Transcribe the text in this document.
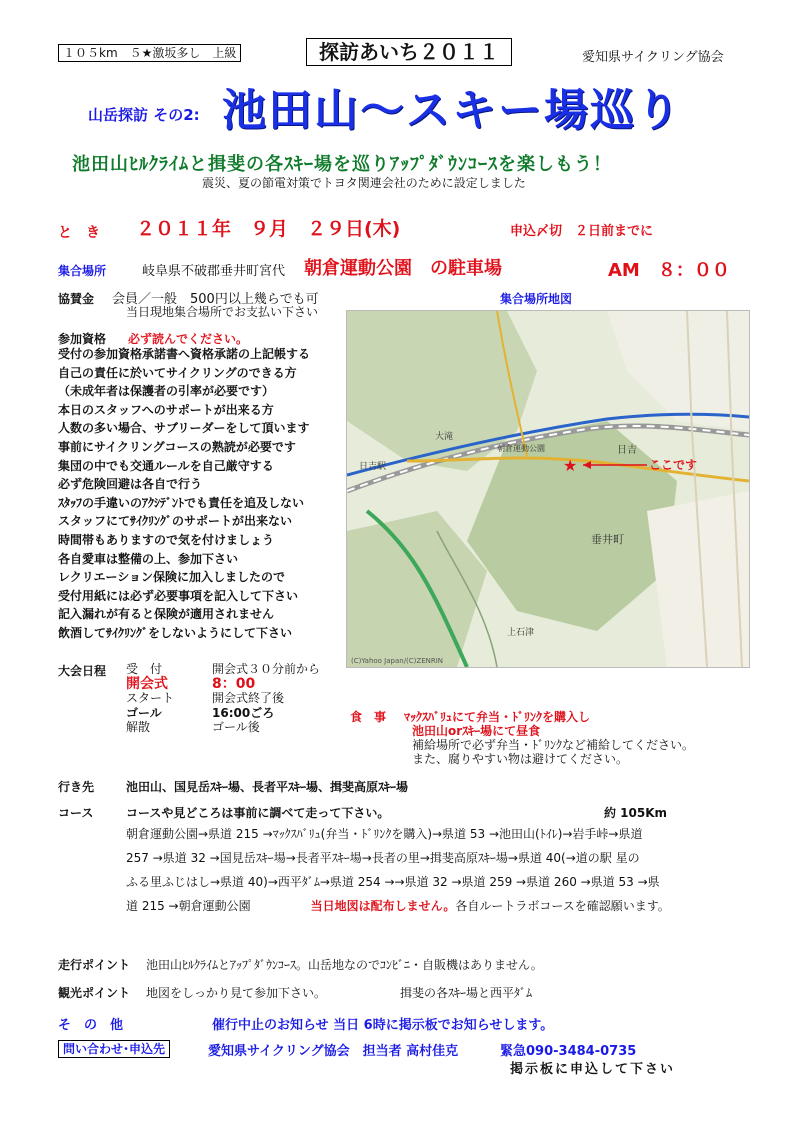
１０５km　５★激坂多し　上級	探訪あいち２０１１	愛知県サイクリング協会
山岳探訪 その2: 池田山～スキー場巡り
池田山ﾋﾙｸﾗｲﾑと揖斐の各ｽｷｰ場を巡りｱｯﾌﾟﾀﾞｳﾝｺｰｽを楽しもう！
震災、夏の節電対策でトヨタ関連会社のために設定しました
と　き ２０１１年　９月　２９日(木)	申込〆切　２日前までに
集合場所	岐阜県不破郡垂井町宮代 朝倉運動公園　の駐車場	AM　８：００
協賛金 会員／一般　500円以上幾らでも可
当日現地集合場所でお支払い下さい
集合場所地図
参加資格 必ず読んでください。
受付の参加資格承諾書へ資格承諾の上記帳する
自己の責任に於いてサイクリングのできる方
（未成年者は保護者の引率が必要です）
本日のスタッフへのサポートが出来る方
人数の多い場合、サブリーダーをして頂います
事前にサイクリングコースの熟読が必要です
集団の中でも交通ルールを自己厳守する
必ず危険回避は各自で行う
ｽﾀｯﾌの手違いのｱｸｼﾃﾞﾝﾄでも責任を追及しない
スタッフにてｻｲｸﾘﾝｸﾞのサポートが出来ない
時間帯もありますので気を付けましょう
各自愛車は整備の上、参加下さい
レクリエーション保険に加入しましたので
受付用紙には必ず必要事項を記入して下さい
記入漏れが有ると保険が適用されません
飲酒してｻｲｸﾘﾝｸﾞをしないようにして下さい
日吉
日吉駅
垂井町
大滝
上石津
朝倉運動公園
★	ここです
(C)Yahoo Japan/(C)ZENRIN
大会日程 受　付	開会式３０分前から
開会式	8：00
スタート	開会式終了後
ゴール	16:00ごろ
解散	ゴール後
食　事 ﾏｯｸｽﾊﾞﾘｭにて弁当・ﾄﾞﾘﾝｸを購入し
池田山orｽｷｰ場にて昼食
補給場所で必ず弁当・ﾄﾞﾘﾝｸなど補給してください。
また、腐りやすい物は避けてください。
行き先	池田山、国見岳ｽｷｰ場、長者平ｽｷｰ場、揖斐高原ｽｷｰ場
コース	コースや見どころは事前に調べて走って下さい。	約 105Km
朝倉運動公園→県道 215 →ﾏｯｸｽﾊﾞﾘｭ(弁当・ﾄﾞﾘﾝｸを購入)→県道 53 →池田山(ﾄｲﾚ)→岩手峠→県道
257 →県道 32 →国見岳ｽｷｰ場→長者平ｽｷｰ場→長者の里→揖斐高原ｽｷｰ場→県道 40(→道の駅 星の
ふる里ふじはし→県道 40)→西平ﾀﾞﾑ→県道 254 →→県道 32 →県道 259 →県道 260 →県道 53 →県
道 215 →朝倉運動公園	当日地図は配布しません。各自ルートラボコースを確認願います。
走行ポイント 池田山ﾋﾙｸﾗｲﾑとｱｯﾌﾟﾀﾞｳﾝｺｰｽ。山岳地なのでｺﾝﾋﾞﾆ・自販機はありません。
観光ポイント 地図をしっかり見て参加下さい。	揖斐の各ｽｷｰ場と西平ﾀﾞﾑ
そ　の　他	催行中止のお知らせ 当日 6時に掲示板でお知らせします。
問い合わせ･申込先	愛知県サイクリング協会　担当者 高村佳克	緊急090-3484-0735
掲示板に申込して下さい
